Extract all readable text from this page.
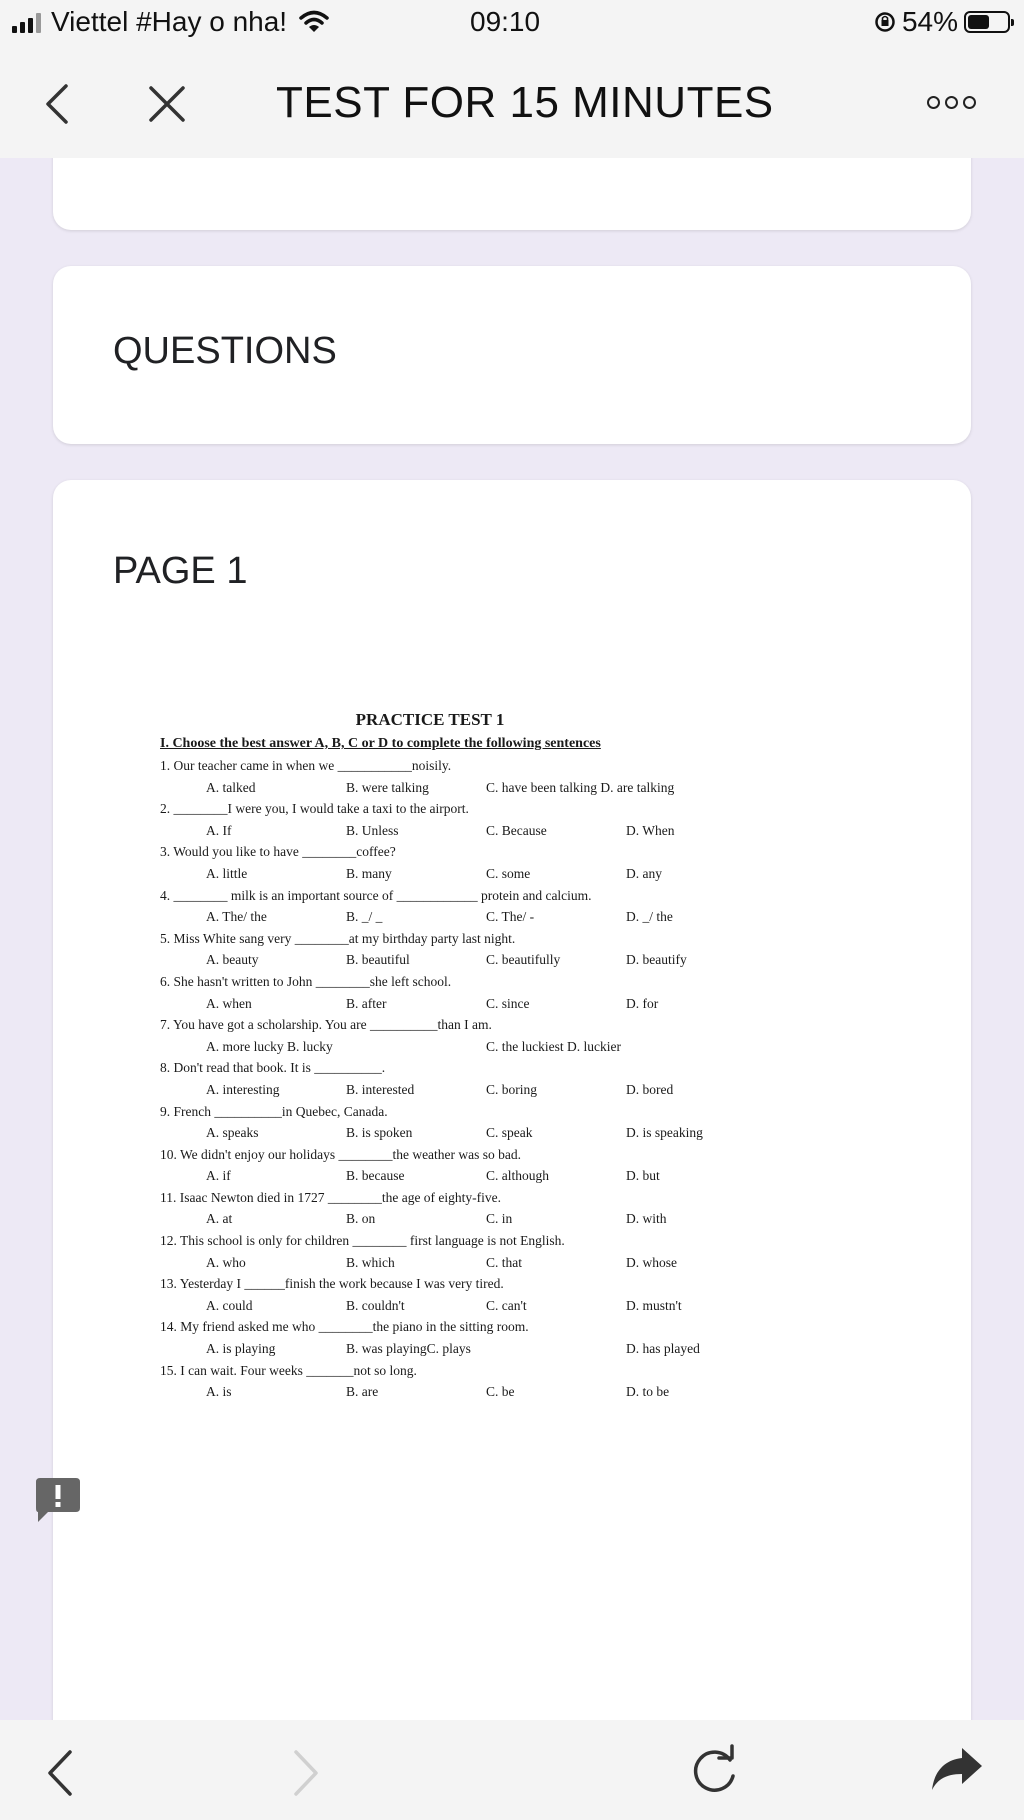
Viettel #Hay o nha!	09:10	54%
TEST FOR 15 MINUTES
QUESTIONS
PAGE 1
PRACTICE TEST 1
I. Choose the best answer A, B, C or D to complete the following sentences
1. Our teacher came in when we ___________noisily.
A. talked	B. were talking	C. have been talking D. are talking
2. ________I were you, I would take a taxi to the airport.
A. If	B. Unless	C. Because	D. When
3. Would you like to have ________coffee?
A. little	B. many	C. some	D. any
4. ________ milk is an important source of ____________ protein and calcium.
A. The/ the	B. _/ _	C. The/ -	D. _/ the
5. Miss White sang very ________at my birthday party last night.
A. beauty	B. beautiful	C. beautifully	D. beautify
6. She hasn't written to John ________she left school.
A. when	B. after	C. since	D. for
7. You have got a scholarship. You are __________than I am.
A. more lucky B. lucky	C. the luckiest D. luckier
8. Don't read that book. It is __________.
A. interesting	B. interested	C. boring	D. bored
9. French __________in Quebec, Canada.
A. speaks	B. is spoken	C. speak	D. is speaking
10. We didn't enjoy our holidays ________the weather was so bad.
A. if	B. because	C. although	D. but
11. Isaac Newton died in 1727 ________the age of eighty-five.
A. at	B. on	C. in	D. with
12. This school is only for children ________ first language is not English.
A. who	B. which	C. that	D. whose
13. Yesterday I ______finish the work because I was very tired.
A. could	B. couldn't	C. can't	D. mustn't
14. My friend asked me who ________the piano in the sitting room.
A. is playing	B. was playingC. plays	D. has played
15. I can wait. Four weeks _______not so long.
A. is	B. are	C. be	D. to be
